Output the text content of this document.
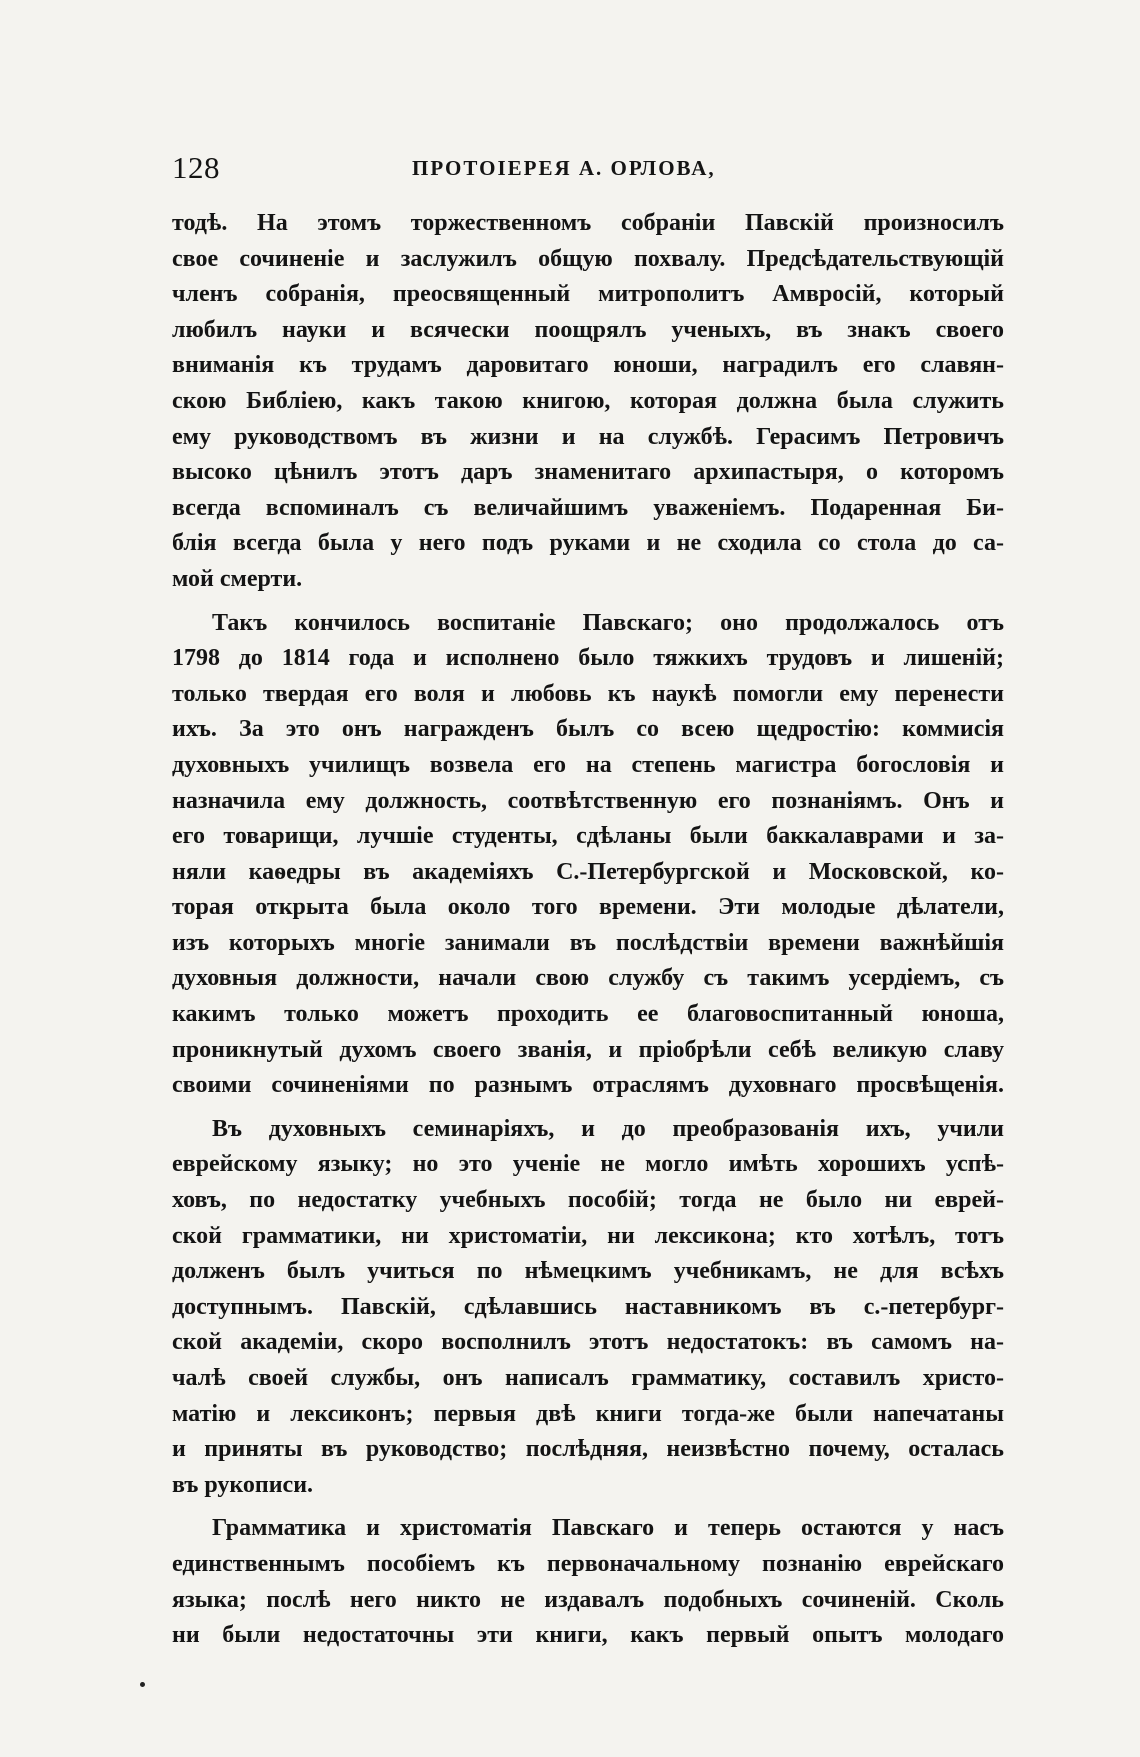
128	ПРОТОІЕРЕЯ А. ОРЛОВА,
тодѣ. На этомъ торжественномъ собраніи Павскій произносилъ
свое сочиненіе и заслужилъ общую похвалу. Предсѣдательствующій
членъ собранія, преосвященный митрополитъ Амвросій, который
любилъ науки и всячески поощрялъ ученыхъ, въ знакъ своего
вниманія къ трудамъ даровитаго юноши, наградилъ его славян-
скою Библіею, какъ такою книгою, которая должна была служить
ему руководствомъ въ жизни и на службѣ. Герасимъ Петровичъ
высоко цѣнилъ этотъ даръ знаменитаго архипастыря, о которомъ
всегда вспоминалъ съ величайшимъ уваженіемъ. Подаренная Би-
блія всегда была у него подъ руками и не сходила со стола до са-
мой смерти.
Такъ кончилось воспитаніе Павскаго; оно продолжалось отъ
1798 до 1814 года и исполнено было тяжкихъ трудовъ и лишеній;
только твердая его воля и любовь къ наукѣ помогли ему перенести
ихъ. За это онъ награжденъ былъ со всею щедростію: коммисія
духовныхъ училищъ возвела его на степень магистра богословія и
назначила ему должность, соотвѣтственную его познаніямъ. Онъ и
его товарищи, лучшіе студенты, сдѣланы были баккалаврами и за-
няли каѳедры въ академіяхъ С.-Петербургской и Московской, ко-
торая открыта была около того времени. Эти молодые дѣлатели,
изъ которыхъ многіе занимали въ послѣдствіи времени важнѣйшія
духовныя должности, начали свою службу съ такимъ усердіемъ, съ
какимъ только можетъ проходить ее благовоспитанный юноша,
проникнутый духомъ своего званія, и пріобрѣли себѣ великую славу
своими сочиненіями по разнымъ отраслямъ духовнаго просвѣщенія.
Въ духовныхъ семинаріяхъ, и до преобразованія ихъ, учили
еврейскому языку; но это ученіе не могло имѣть хорошихъ успѣ-
ховъ, по недостатку учебныхъ пособій; тогда не было ни еврей-
ской грамматики, ни христоматіи, ни лексикона; кто хотѣлъ, тотъ
долженъ былъ учиться по нѣмецкимъ учебникамъ, не для всѣхъ
доступнымъ. Павскій, сдѣлавшись наставникомъ въ с.-петербург-
ской академіи, скоро восполнилъ этотъ недостатокъ: въ самомъ на-
чалѣ своей службы, онъ написалъ грамматику, составилъ христо-
матію и лексиконъ; первыя двѣ книги тогда-же были напечатаны
и приняты въ руководство; послѣдняя, неизвѣстно почему, осталась
въ рукописи.
Грамматика и христоматія Павскаго и теперь остаются у насъ
единственнымъ пособіемъ къ первоначальному познанію еврейскаго
языка; послѣ него никто не издавалъ подобныхъ сочиненій. Сколь
ни были недостаточны эти книги, какъ первый опытъ молодаго
